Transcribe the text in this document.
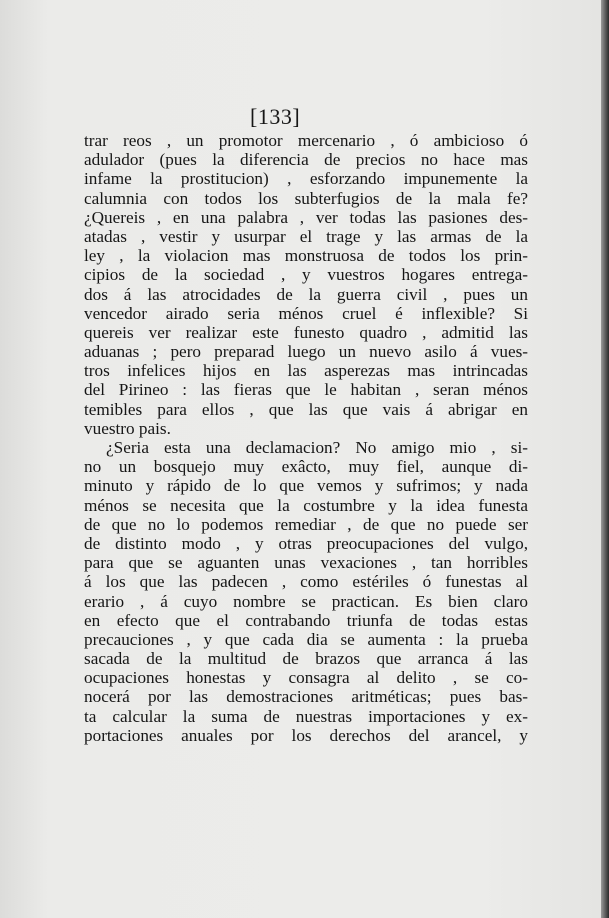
[133]
trar reos , un promotor mercenario , ó ambicioso ó
adulador (pues la diferencia de precios no hace mas
infame la prostitucion) , esforzando impunemente la
calumnia con todos los subterfugios de la mala fe?
¿Quereis , en una palabra , ver todas las pasiones des-
atadas , vestir y usurpar el trage y las armas de la
ley , la violacion mas monstruosa de todos los prin-
cipios de la sociedad , y vuestros hogares entrega-
dos á las atrocidades de la guerra civil , pues un
vencedor airado seria ménos cruel é inflexible? Si
quereis ver realizar este funesto quadro , admitid las
aduanas ; pero preparad luego un nuevo asilo á vues-
tros infelices hijos en las asperezas mas intrincadas
del Pirineo : las fieras que le habitan , seran ménos
temibles para ellos , que las que vais á abrigar en
vuestro pais.
¿Seria esta una declamacion? No amigo mio , si-
no un bosquejo muy exâcto, muy fiel, aunque di-
minuto y rápido de lo que vemos y sufrimos; y nada
ménos se necesita que la costumbre y la idea funesta
de que no lo podemos remediar , de que no puede ser
de distinto modo , y otras preocupaciones del vulgo,
para que se aguanten unas vexaciones , tan horribles
á los que las padecen , como estériles ó funestas al
erario , á cuyo nombre se practican. Es bien claro
en efecto que el contrabando triunfa de todas estas
precauciones , y que cada dia se aumenta : la prueba
sacada de la multitud de brazos que arranca á las
ocupaciones honestas y consagra al delito , se co-
nocerá por las demostraciones aritméticas; pues bas-
ta calcular la suma de nuestras importaciones y ex-
portaciones anuales por los derechos del arancel, y
